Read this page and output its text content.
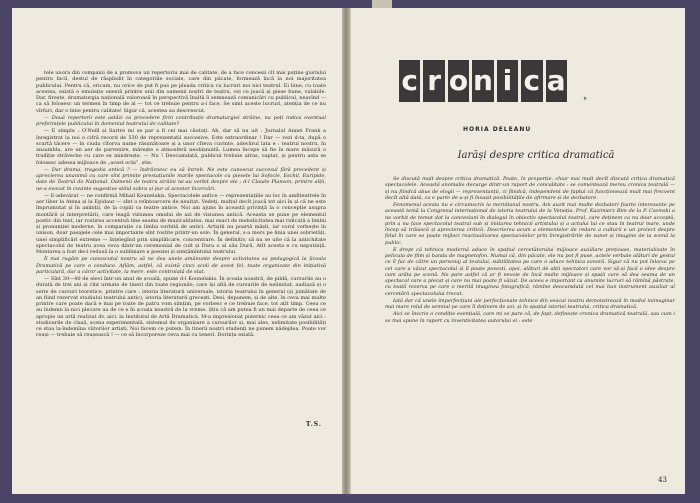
tele unora din companii de a promova un repertoriu mai de calitate, de a face concesii cît mai puține gustului pentru facil, destul de răspîndit în categoriile sociale, care din păcate, formează încă la noi majoritatea publicului. Pentru că, oricum, nu orice de put fi pus pe pleada critica cu lucruri noi nici teatrul. Ei bine, cu toate acestea, există o emulație onestă printre unii din oamenii noștri de teatru, cei ce joacă și piese bune, valabile. Dar, firește, dramaturgia națională valoroasă în perspectivă înaltă îi semnează comunicări cu publicul, neavînd — ca să folosesc un termen în timp de al — tot ce trebuie pentru a-i face. Se simt aceste lucruri, atenția de ce nu vîrfuri, dar o bine pentru calitate! Sigur că, acestea au descrescut.

— Două repertorii este astăzi ca procedere firin contribuție dramaturgiei străine, nu poți indica eventual preferințele publicului în domeniul teatrului de calitate?

— E simplu : O'Neill și Sartre mi se par a fi cei mai căutați. Ah, dar să nu uit : Jurnalul Annei Frank a înregistrat la noi o cifră record de 530 de reprezentații succesive. Este extraordinar ! Dar — vezi d-ta, după o scurtă tăcere — în ciuda cîtorva nume răsunătoare și a unor cîteva cuvinte, adevărul lata e : teatrul nostru, în ansamblu, are un aer de parvenire, mărește o atmosferă neobișnuită. Lumea începe să fie în mare măsură o tradiție străveche cu care se mindrește. — Nu ! Deocamdată, publicul trebuie atras, captat, și pentru asta se folosesc adesea mijloace de „acest ochi”, știe.

— Dar drama, tragedia antică ? — îndrăznesc eu să întreb. Ne este cunoscut succesul fără precedent și aprecierea unanimă cu care sînt primite prestațiunile marile spectacole cu piesele lui Sofocle, Eschil, Euripide, date de Teatrul de Național. Oamenii de teatru străini ne-au vorbit despre ele ; d-l Claude Planson, printre alții, ne-a evocat în cuvinte sugestive stilul sobru și pur al acestor încercări.

— E-adevărat — ne confirmă Mihail Kounelakis, Spectacolele antice — reprezentațiile au loc în amfiteatrele în aer liber la Atena și la Epidaur — sînt o reîntoarcere de neuitat. Vedeți, mulțul decît joacă tot aici în și că ne este împrumutat și în ambiții, de la copiii ca teatre antice. Noi am ajuns în această privință la o concepție asupra montării și interpretării, care leagă viziunea omului de azi de viziunea antică. Aceasta se pune pe elementul poetic din text, iar rostirea accentuă tine seama de muzicalitatea, mai exact de melodicitatea mai ridicată a limbii și pronunției moderne, în comparație cu limba vorbită de antici. Artiștii nu poartă măști, iar corul vorbește în unison, doar pasajele cele mai importante sînt rostite printr-un solo. În general, s-a mers pe linia unei sobrietăți, unei simplificări extreme — înțelegînd prin simplificare, concentrare. În definitiv, să nu se uite că la antichitate spectacolul de teatru avea ceva dintr-un ceremonial de cult și Dura o al său Dură, Atît acesta e cu neputință. Montarea a fost deci redusă la o sublimare a poeziei și simțămîntului teatrului.

Îl mai rugăm pe cunoscutul nostru să ne dea unele amănunte despre activitatea sa pedagogică la Școala Dramatică pe care o conduce. Aflăm, astfel, că există cinci școli de acest fel, toate organizate din inițiativă particulară, dar a căror activitate, la mere, este controlată de stat.

— Sînt 30—40 de elevi într-un anul de școală, spune d-l Kounelakis. În școala noastră, de pildă, cursurile au o durată de trei ani și cînt urmate de tineri din toate regiunile, care își află de cursurile de nelimitat, audiază și o serie de cursuri teoretice, printre care : istoria literaturii universale, istoria teatrului în general (și jumătate de an fiind rezervat studiului teatrului antic), istoria literaturii grecești. Desi, depunem, și de alte, în ceva mai multe printre care poate dacă e mai pe toate de patru vom simțim, pe vorbesc e ce trebuie face, tot atît timp. Ceea ce au îndemn la nici plecare au de ce e în școala noastră de la vreme. Știu că am putea fi un mai departe de ceea ce apropie un artă realizat dv. aici. la Institutul de Artă Dramatică. M-a impresionat puternic ceea ce am văzut aici : studiourile de clasă, scena experimentală, sistemul de organizare a cursurilor și, mai ales, nelimitate posibilități ce stau la-îndemîna viitorilor artiști. Noi facem ce putem. În tinerii noștri studenți ne punem nădejdea. Poate vor reuși — trebuie să reușească ! — ce să încorporeze ceva mai cu teneri. Dorința există.

T.S.
c r o n i c a
°
HORIA DELEANU
Iarăși despre critica dramatică

Se discută mult despre critica dramatică. Poate, în proporție, chiar mai mult decît discută critica dramatică spectacolele. Această anomalie decurge dintr-un raport de concalitate : se comentează mereu cronica teatrală — și nu fiindcă abus de elogii — reprezentanții, ci fiindcă, independent de faptul că funcționează mult mai frecvent decît altă dată, ca e parte de a-și fi însușit posibilitățile de afirmare și de dezbatere.

Fenomenul acesta nu e circumscris la meridianul nostru. Am auzit mai multe dezbateri foarte interesante pe această temă la Congresul internațional de istoria teatrului de la Veneția. Prof. Kazimierz Bim de la P. Czemski a ne vorbit de temut dat la concesiuni în dialogul în obiectiv spectacolul teatral, care deținem ca nu doar acceptă, prin a nu face spectacolul teatral sub și imitarea tehnicii artistului și a actului lui ce stau în teatrul mare, unde încep să trăiască și aprecierea criticii. Descrierea acum a elementelor de redare a culturii e un proiect despre felul în care se poate mijloci reactualizarea spectacolelor prin înregistrările de sunet și imagine de la scenă la public.

E drept că tehnica modernă aduce în spațiul cercetătorului mijloace auxiliare prețioase, materializate în pelicula de film și banda de magnetofon. Numai că, din păcate, ele nu pot fi puse, actele verbale alături de gestul ce îl fac de către un personaj al textului, subtilitatea pe care o aduce tehnica sonoră. Sigur că nu pot înlocui pe cel care a văzut spectacolul și îl poate povesti, apoi, alături de alții spectatori care vor să-și facă o idee despre cum arăta pe scenă. Ne pare astfel că ar fi nevoie de încă multe mijloace și spații care să dea seama de un spectacol care a plecat și care nu mai poate fi văzut. De aceea e important ca anumite lucruri să rămînă păstrate, cu toată rezerva pe care o merită imaginea fotografică, rămîne deocamdată cel mai bun instrument auxiliar al cercetării spectacolului trecut.

Iată dar că unele imperfecțiuni ale perfecționate tehnice din veacul nostru demonstrează în modul inimaginar mai mare rolul de semnul pe care îl deținem de azi, și în spațiul istoriei teatrului, critica dramatică.

Aici se înscrie o condiție esențială, care mi se pare că, de fapt, definește cronica dramatică teatrală, sau cum i se mai spune în raport cu inventivitatea autorului ei : este

43
